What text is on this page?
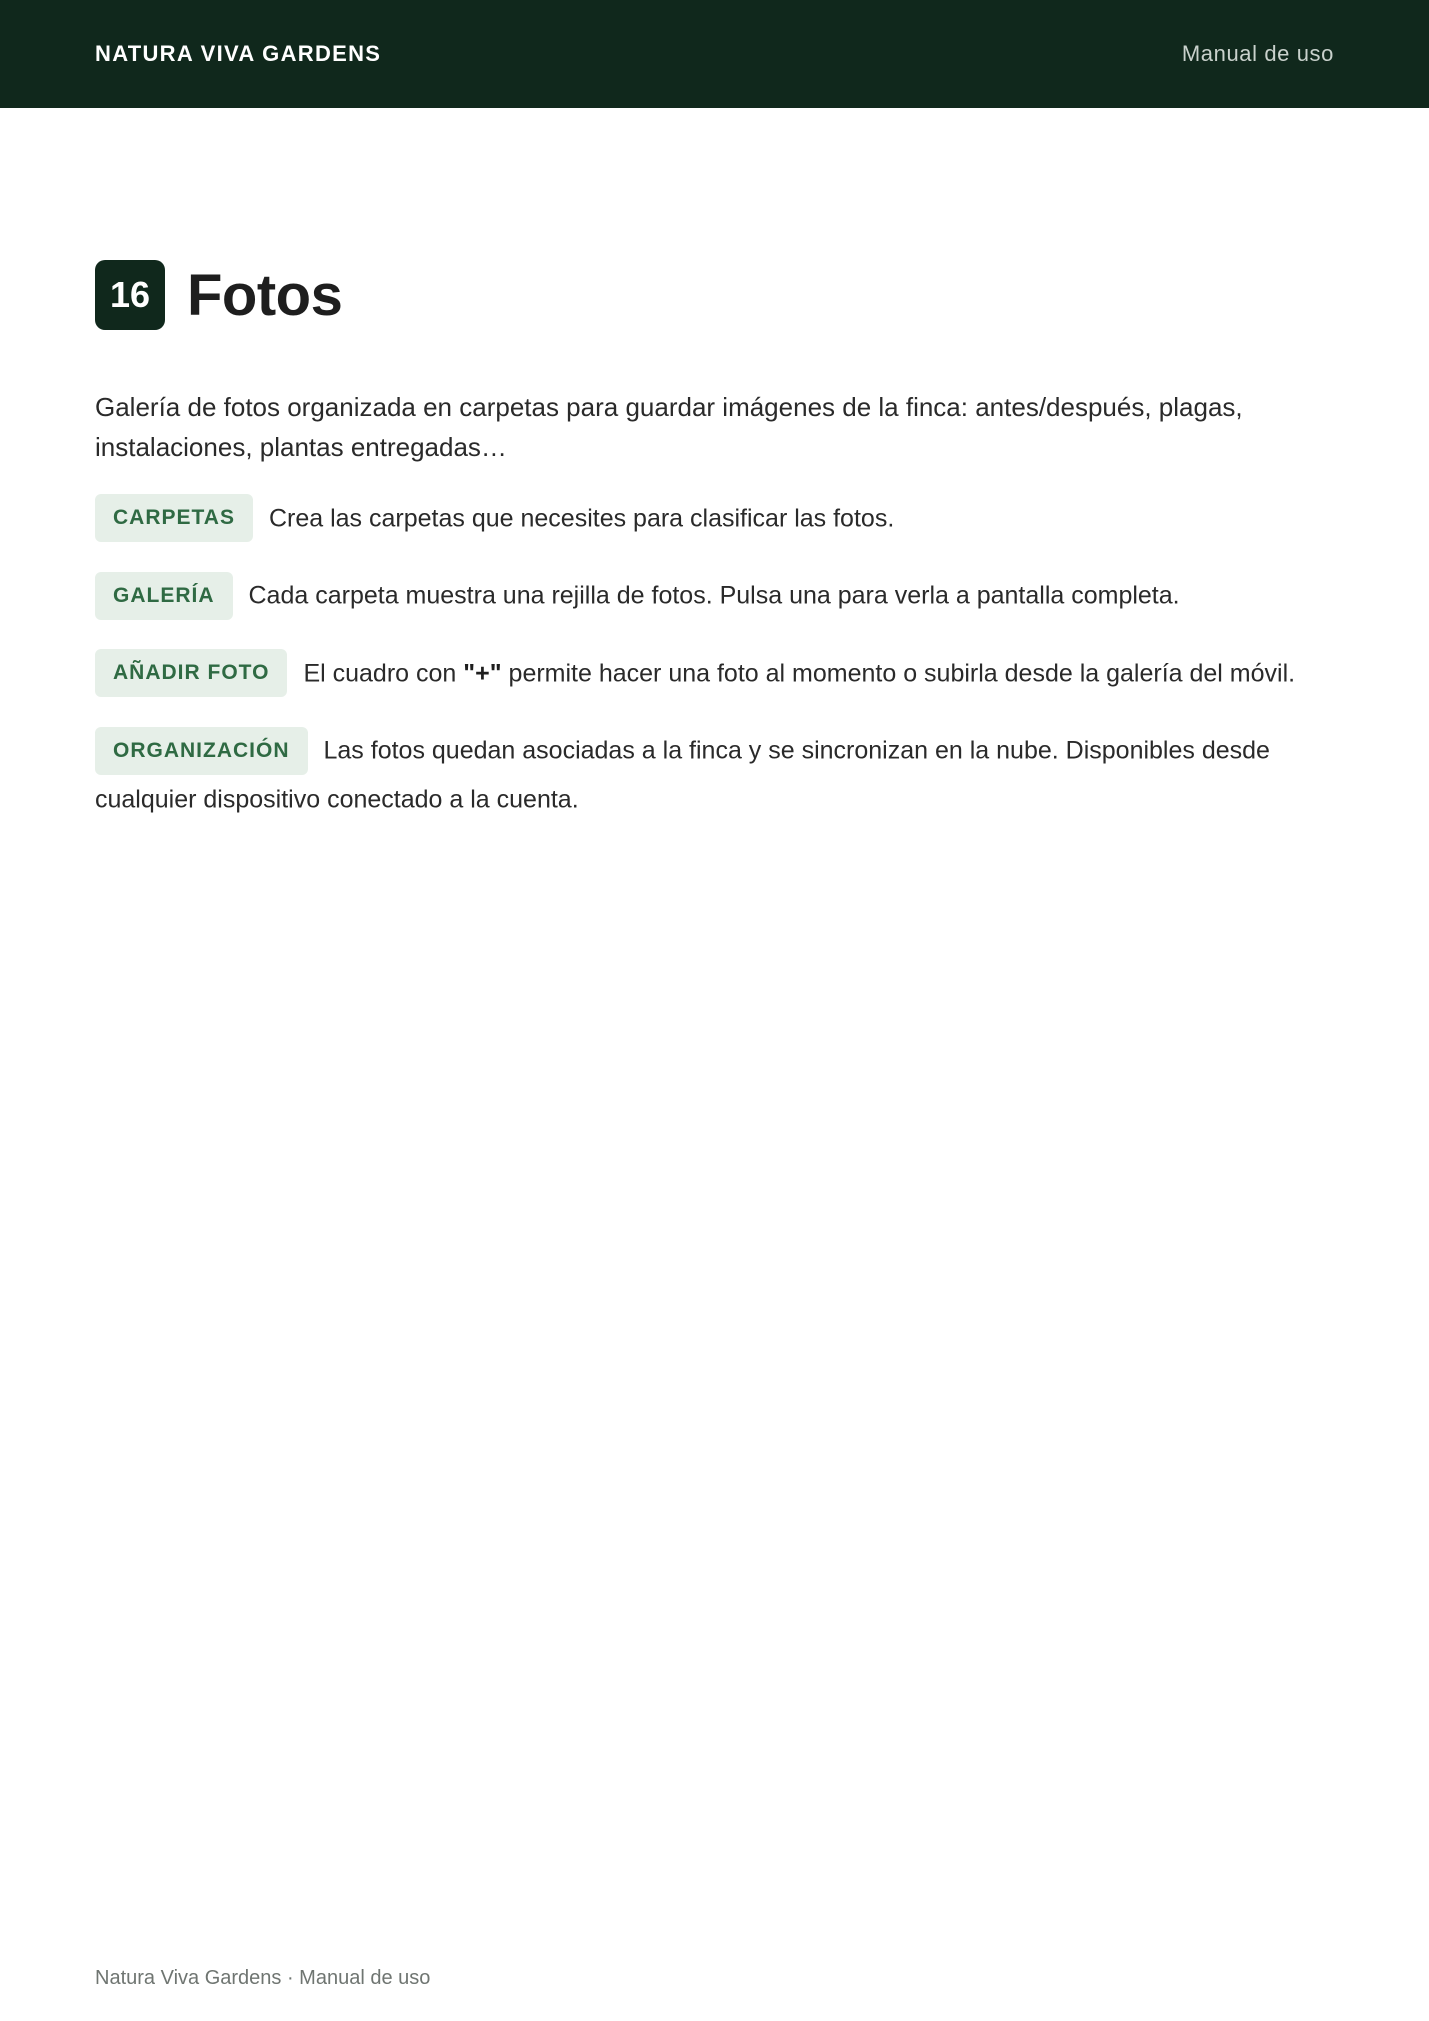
NATURA VIVA GARDENS	Manual de uso
16 Fotos
Galería de fotos organizada en carpetas para guardar imágenes de la finca: antes/después, plagas, instalaciones, plantas entregadas…
CARPETAS Crea las carpetas que necesites para clasificar las fotos.
GALERÍA Cada carpeta muestra una rejilla de fotos. Pulsa una para verla a pantalla completa.
AÑADIR FOTO El cuadro con "+" permite hacer una foto al momento o subirla desde la galería del móvil.
ORGANIZACIÓN Las fotos quedan asociadas a la finca y se sincronizan en la nube. Disponibles desde cualquier dispositivo conectado a la cuenta.
Natura Viva Gardens · Manual de uso
